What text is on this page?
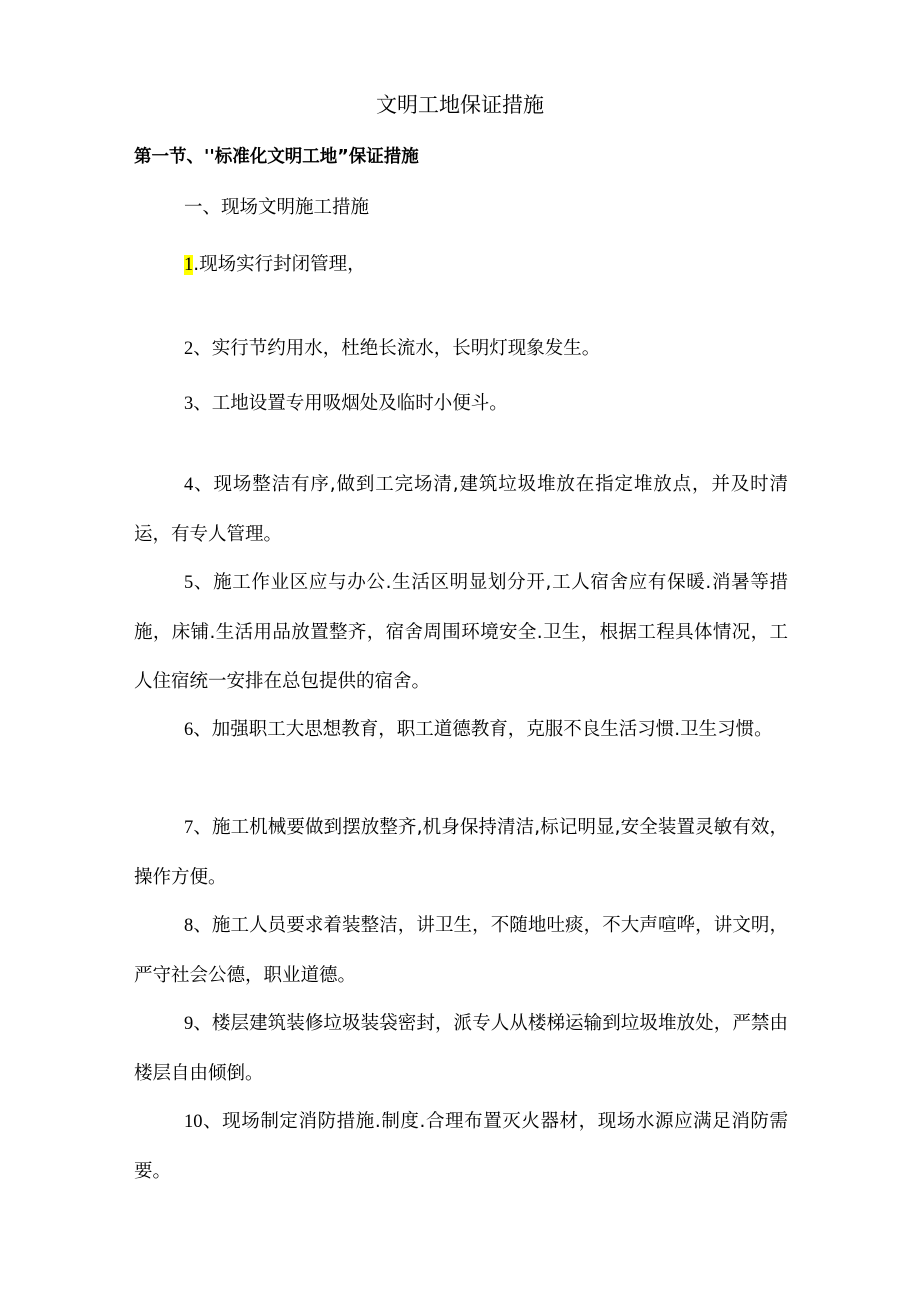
文明工地保证措施
第一节、''标准化文明工地”保证措施
一、现场文明施工措施
1.现场实行封闭管理，
2、实行节约用水，杜绝长流水，长明灯现象发生。
3、工地设置专用吸烟处及临时小便斗。
4、现场整洁有序,做到工完场清,建筑垃圾堆放在指定堆放点，并及时清运，有专人管理。
5、施工作业区应与办公.生活区明显划分开,工人宿舍应有保暖.消暑等措施，床铺.生活用品放置整齐，宿舍周围环境安全.卫生，根据工程具体情况，工人住宿统一安排在总包提供的宿舍。
6、加强职工大思想教育，职工道德教育，克服不良生活习惯.卫生习惯。
7、施工机械要做到摆放整齐,机身保持清洁,标记明显,安全装置灵敏有效，操作方便。
8、施工人员要求着装整洁，讲卫生，不随地吐痰，不大声喧哗，讲文明，严守社会公德，职业道德。
9、楼层建筑装修垃圾装袋密封，派专人从楼梯运输到垃圾堆放处，严禁由楼层自由倾倒。
10、现场制定消防措施.制度.合理布置灭火器材，现场水源应满足消防需要。
